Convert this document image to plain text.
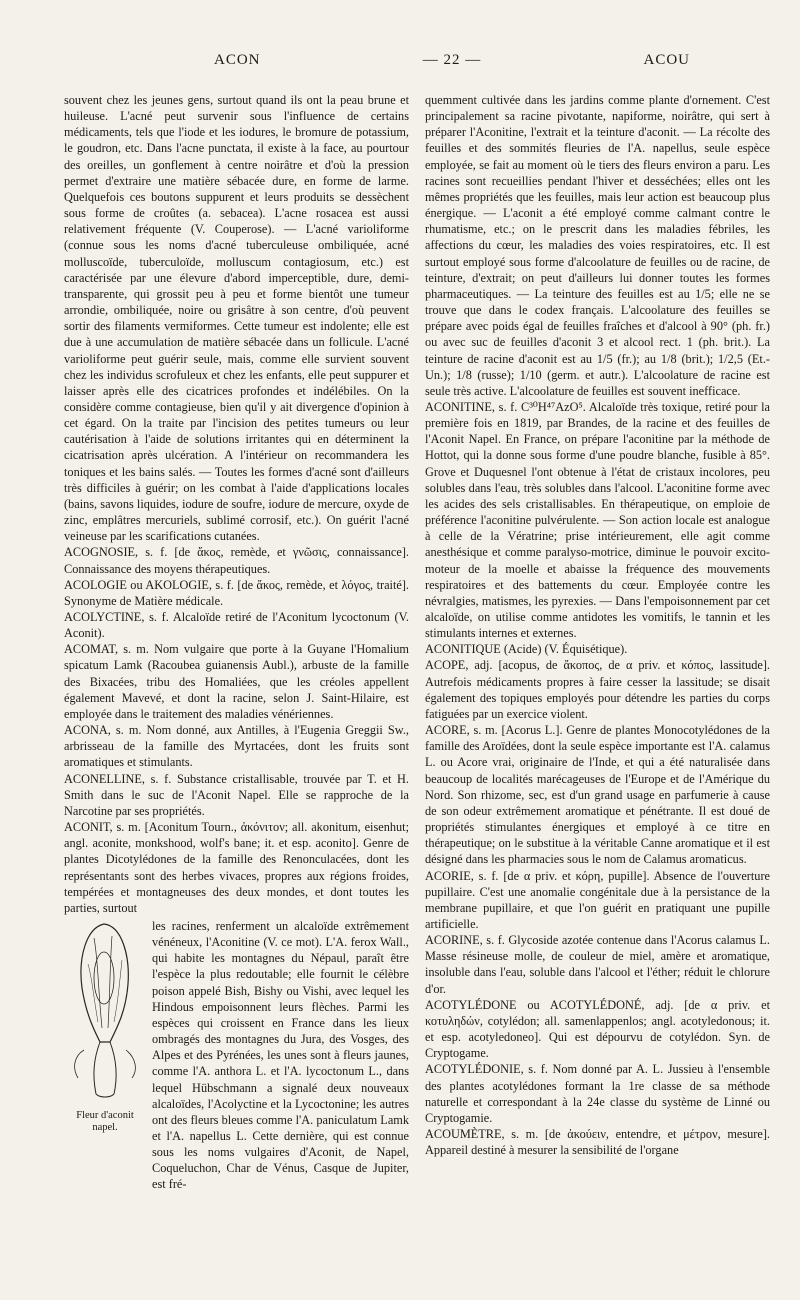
ACON	— 22 —	ACOU

souvent chez les jeunes gens, surtout quand ils ont la peau brune et huileuse. L'acné peut survenir sous l'influence de certains médicaments, tels que l'iode et les iodures, le bromure de potassium, le goudron, etc. Dans l'acne punctata, il existe à la face, au pourtour des oreilles, un gonflement à centre noirâtre et d'où la pression permet d'extraire une matière sébacée dure, en forme de larme. Quelquefois ces boutons suppurent et leurs produits se dessèchent sous forme de croûtes (a. sebacea). L'acne rosacea est aussi relativement fréquente (V. Couperose). — L'acné varioliforme (connue sous les noms d'acné tuberculeuse ombiliquée, acné molluscoïde, tuberculoïde, molluscum contagiosum, etc.) est caractérisée par une élevure d'abord imperceptible, dure, demi-transparente, qui grossit peu à peu et forme bientôt une tumeur arrondie, ombiliquée, noire ou grisâtre à son centre, d'où peuvent sortir des filaments vermiformes. Cette tumeur est indolente; elle est due à une accumulation de matière sébacée dans un follicule. L'acné varioliforme peut guérir seule, mais, comme elle survient souvent chez les individus scrofuleux et chez les enfants, elle peut suppurer et laisser après elle des cicatrices profondes et indélébiles. On la considère comme contagieuse, bien qu'il y ait divergence d'opinion à cet égard. On la traite par l'incision des petites tumeurs ou leur cautérisation à l'aide de solutions irritantes qui en déterminent la cicatrisation après ulcération. A l'intérieur on recommandera les toniques et les bains salés. — Toutes les formes d'acné sont d'ailleurs très difficiles à guérir; on les combat à l'aide d'applications locales (bains, savons liquides, iodure de soufre, iodure de mercure, oxyde de zinc, emplâtres mercuriels, sublimé corrosif, etc.). On guérit l'acné veineuse par les scarifications cutanées.

ACOGNOSIE, s. f. [de ἄκος, remède, et γνῶσις, connaissance]. Connaissance des moyens thérapeutiques.

ACOLOGIE ou AKOLOGIE, s. f. [de ἄκος, remède, et λόγος, traité]. Synonyme de Matière médicale.

ACOLYCTINE, s. f. Alcaloïde retiré de l'Aconitum lycoctonum (V. Aconit).

ACOMAT, s. m. Nom vulgaire que porte à la Guyane l'Homalium spicatum Lamk (Racoubea guianensis Aubl.), arbuste de la famille des Bixacées, tribu des Homaliées, que les créoles appellent également Mavevé, et dont la racine, selon J. Saint-Hilaire, est employée dans le traitement des maladies vénériennes.

ACONA, s. m. Nom donné, aux Antilles, à l'Eugenia Greggii Sw., arbrisseau de la famille des Myrtacées, dont les fruits sont aromatiques et stimulants.

ACONELLINE, s. f. Substance cristallisable, trouvée par T. et H. Smith dans le suc de l'Aconit Napel. Elle se rapproche de la Narcotine par ses propriétés.

ACONIT, s. m. [Aconitum Tourn., ἀκόνιτον; all. akonitum, eisenhut; angl. aconite, monkshood, wolf's bane; it. et esp. aconito]. Genre de plantes Dicotylédones de la famille des Renonculacées, dont les représentants sont des herbes vivaces, propres aux régions froides, tempérées et montagneuses des deux mondes, et dont toutes les parties, surtout

Fleur d'aconit napel.

les racines, renferment un alcaloïde extrêmement vénéneux, l'Aconitine (V. ce mot). L'A. ferox Wall., qui habite les montagnes du Népaul, paraît être l'espèce la plus redoutable; elle fournit le célèbre poison appelé Bish, Bishy ou Vishi, avec lequel les Hindous empoisonnent leurs flèches. Parmi les espèces qui croissent en France dans les lieux ombragés des montagnes du Jura, des Vosges, des Alpes et des Pyrénées, les unes sont à fleurs jaunes, comme l'A. anthora L. et l'A. lycoctonum L., dans lequel Hübschmann a signalé deux nouveaux alcaloïdes, l'Acolyctine et la Lycoctonine; les autres ont des fleurs bleues comme l'A. paniculatum Lamk et l'A. napellus L. Cette dernière, qui est connue sous les noms vulgaires d'Aconit, de Napel, Coqueluchon, Char de Vénus, Casque de Jupiter, est fré-

quemment cultivée dans les jardins comme plante d'ornement. C'est principalement sa racine pivotante, napiforme, noirâtre, qui sert à préparer l'Aconitine, l'extrait et la teinture d'aconit. — La récolte des feuilles et des sommités fleuries de l'A. napellus, seule espèce employée, se fait au moment où le tiers des fleurs environ a paru. Les racines sont recueillies pendant l'hiver et desséchées; elles ont les mêmes propriétés que les feuilles, mais leur action est beaucoup plus énergique. — L'aconit a été employé comme calmant contre le rhumatisme, etc.; on le prescrit dans les maladies fébriles, les affections du cœur, les maladies des voies respiratoires, etc. Il est surtout employé sous forme d'alcoolature de feuilles ou de racine, de teinture, d'extrait; on peut d'ailleurs lui donner toutes les formes pharmaceutiques. — La teinture des feuilles est au 1/5; elle ne se trouve que dans le codex français. L'alcoolature des feuilles se prépare avec poids égal de feuilles fraîches et d'alcool à 90° (ph. fr.) ou avec suc de feuilles d'aconit 3 et alcool rect. 1 (ph. brit.). La teinture de racine d'aconit est au 1/5 (fr.); au 1/8 (brit.); 1/2,5 (Et.-Un.); 1/8 (russe); 1/10 (germ. et autr.). L'alcoolature de racine est seule très active. L'alcoolature de feuilles est souvent inefficace.

ACONITINE, s. f. C³⁰H⁴⁷AzO⁵. Alcaloïde très toxique, retiré pour la première fois en 1819, par Brandes, de la racine et des feuilles de l'Aconit Napel. En France, on prépare l'aconitine par la méthode de Hottot, qui la donne sous forme d'une poudre blanche, fusible à 85°. Grove et Duquesnel l'ont obtenue à l'état de cristaux incolores, peu solubles dans l'eau, très solubles dans l'alcool. L'aconitine forme avec les acides des sels cristallisables. En thérapeutique, on emploie de préférence l'aconitine pulvérulente. — Son action locale est analogue à celle de la Vératrine; prise intérieurement, elle agit comme anesthésique et comme paralyso-motrice, diminue le pouvoir excito-moteur de la moelle et abaisse la fréquence des mouvements respiratoires et des battements du cœur. Employée contre les névralgies, matismes, les pyrexies. — Dans l'empoisonnement par cet alcaloïde, on utilise comme antidotes les vomitifs, le tannin et les stimulants internes et externes.

ACONITIQUE (Acide) (V. Équisétique).

ACOPE, adj. [acopus, de ἄκοπος, de α priv. et κόπος, lassitude]. Autrefois médicaments propres à faire cesser la lassitude; se disait également des topiques employés pour détendre les parties du corps fatiguées par un exercice violent.

ACORE, s. m. [Acorus L.]. Genre de plantes Monocotylédones de la famille des Aroïdées, dont la seule espèce importante est l'A. calamus L. ou Acore vrai, originaire de l'Inde, et qui a été naturalisée dans beaucoup de localités marécageuses de l'Europe et de l'Amérique du Nord. Son rhizome, sec, est d'un grand usage en parfumerie à cause de son odeur extrêmement aromatique et pénétrante. Il est doué de propriétés stimulantes énergiques et employé à ce titre en thérapeutique; on le substitue à la véritable Canne aromatique et il est désigné dans les pharmacies sous le nom de Calamus aromaticus.

ACORIE, s. f. [de α priv. et κόρη, pupille]. Absence de l'ouverture pupillaire. C'est une anomalie congénitale due à la persistance de la membrane pupillaire, et que l'on guérit en pratiquant une pupille artificielle.

ACORINE, s. f. Glycoside azotée contenue dans l'Acorus calamus L. Masse résineuse molle, de couleur de miel, amère et aromatique, insoluble dans l'eau, soluble dans l'alcool et l'éther; réduit le chlorure d'or.

ACOTYLÉDONE ou ACOTYLÉDONÉ, adj. [de α priv. et κοτυληδών, cotylédon; all. samenlappenlos; angl. acotyledonous; it. et esp. acotyledoneo]. Qui est dépourvu de cotylédon. Syn. de Cryptogame.

ACOTYLÉDONIE, s. f. Nom donné par A. L. Jussieu à l'ensemble des plantes acotylédones formant la 1re classe de sa méthode naturelle et correspondant à la 24e classe du système de Linné ou Cryptogamie.

ACOUMÈTRE, s. m. [de ἀκούειν, entendre, et μέτρον, mesure]. Appareil destiné à mesurer la sensibilité de l'organe
